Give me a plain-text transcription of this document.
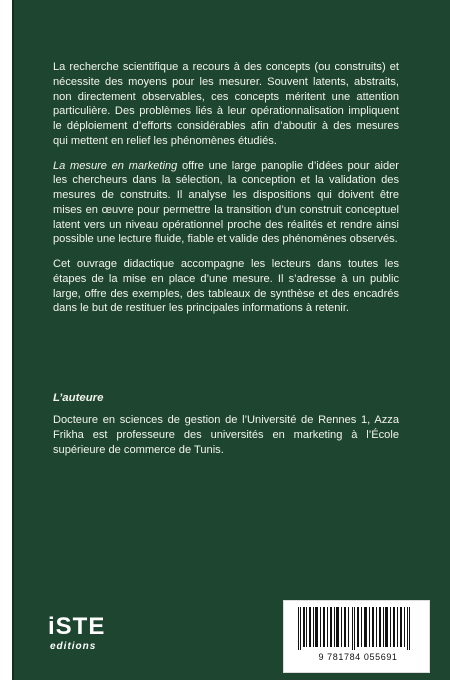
La recherche scientifique a recours à des concepts (ou construits) et nécessite des moyens pour les mesurer. Souvent latents, abstraits, non directement observables, ces concepts méritent une attention particulière. Des problèmes liés à leur opérationnalisation impliquent le déploiement d’efforts considérables afin d’aboutir à des mesures qui mettent en relief les phénomènes étudiés.

La mesure en marketing offre une large panoplie d’idées pour aider les chercheurs dans la sélection, la conception et la validation des mesures de construits. Il analyse les dispositions qui doivent être mises en œuvre pour permettre la transition d’un construit conceptuel latent vers un niveau opérationnel proche des réalités et rendre ainsi possible une lecture fluide, fiable et valide des phénomènes observés.

Cet ouvrage didactique accompagne les lecteurs dans toutes les étapes de la mise en place d’une mesure. Il s’adresse à un public large, offre des exemples, des tableaux de synthèse et des encadrés dans le but de restituer les principales informations à retenir.

L’auteure

Docteure en sciences de gestion de l’Université de Rennes 1, Azza Frikha est professeure des universités en marketing à l’École supérieure de commerce de Tunis.

iSTE
editions
9 781784 055691
